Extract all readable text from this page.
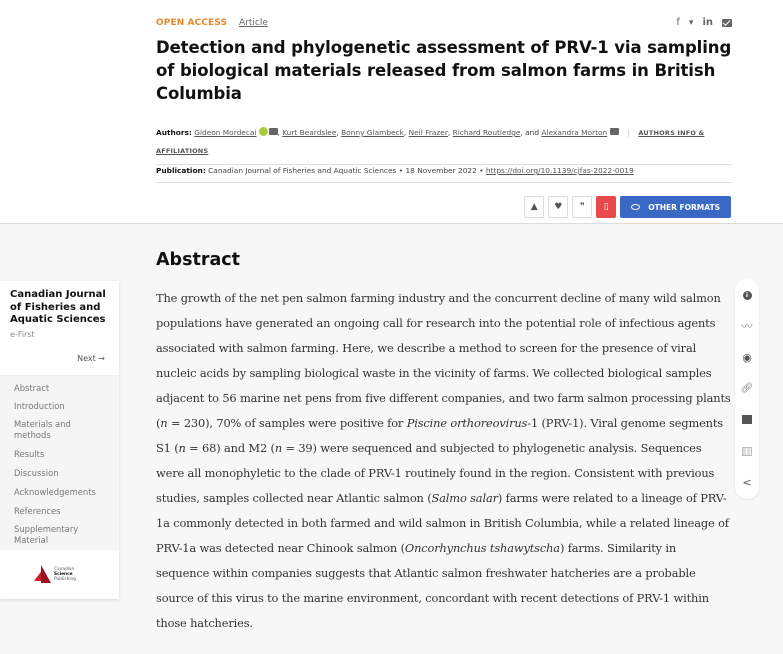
OPEN ACCESS Article	f ▾ in
Detection and phylogenetic assessment of PRV-1 via sampling of biological materials released from salmon farms in British Columbia
Authors: Gideon Mordecai	, Kurt Beardslee, Bonny Glambeck, Neil Frazer, Richard Routledge, and Alexandra Morton	| AUTHORS INFO & AFFILIATIONS
Publication: Canadian Journal of Fisheries and Aquatic Sciences • 18 November 2022 • https://doi.org/10.1139/cjfas-2022-0019
▲ ♥ ❞ ▯	OTHER FORMATS
Canadian Journal of Fisheries and Aquatic Sciences
e-First
Next →
Abstract
Introduction
Materials and methods
Results
Discussion
Acknowledgements
References
Supplementary Material
Canadian
Science
Publishing
Abstract

The growth of the net pen salmon farming industry and the concurrent decline of many wild salmon populations have generated an ongoing call for research into the potential role of infectious agents associated with salmon farming. Here, we describe a method to screen for the presence of viral nucleic acids by sampling biological waste in the vicinity of farms. We collected biological samples adjacent to 56 marine net pens from five different companies, and two farm salmon processing plants (n = 230), 70% of samples were positive for Piscine orthoreovirus-1 (PRV-1). Viral genome segments S1 (n = 68) and M2 (n = 39) were sequenced and subjected to phylogenetic analysis. Sequences were all monophyletic to the clade of PRV-1 routinely found in the region. Consistent with previous studies, samples collected near Atlantic salmon (Salmo salar) farms were related to a lineage of PRV-1a commonly detected in both farmed and wild salmon in British Columbia, while a related lineage of PRV-1a was detected near Chinook salmon (Oncorhynchus tshawytscha) farms. Similarity in sequence within companies suggests that Atlantic salmon freshwater hatcheries are a probable source of this virus to the marine environment, concordant with recent detections of PRV-1 within those hatcheries.

i
〰
◉
🔗︎
<
